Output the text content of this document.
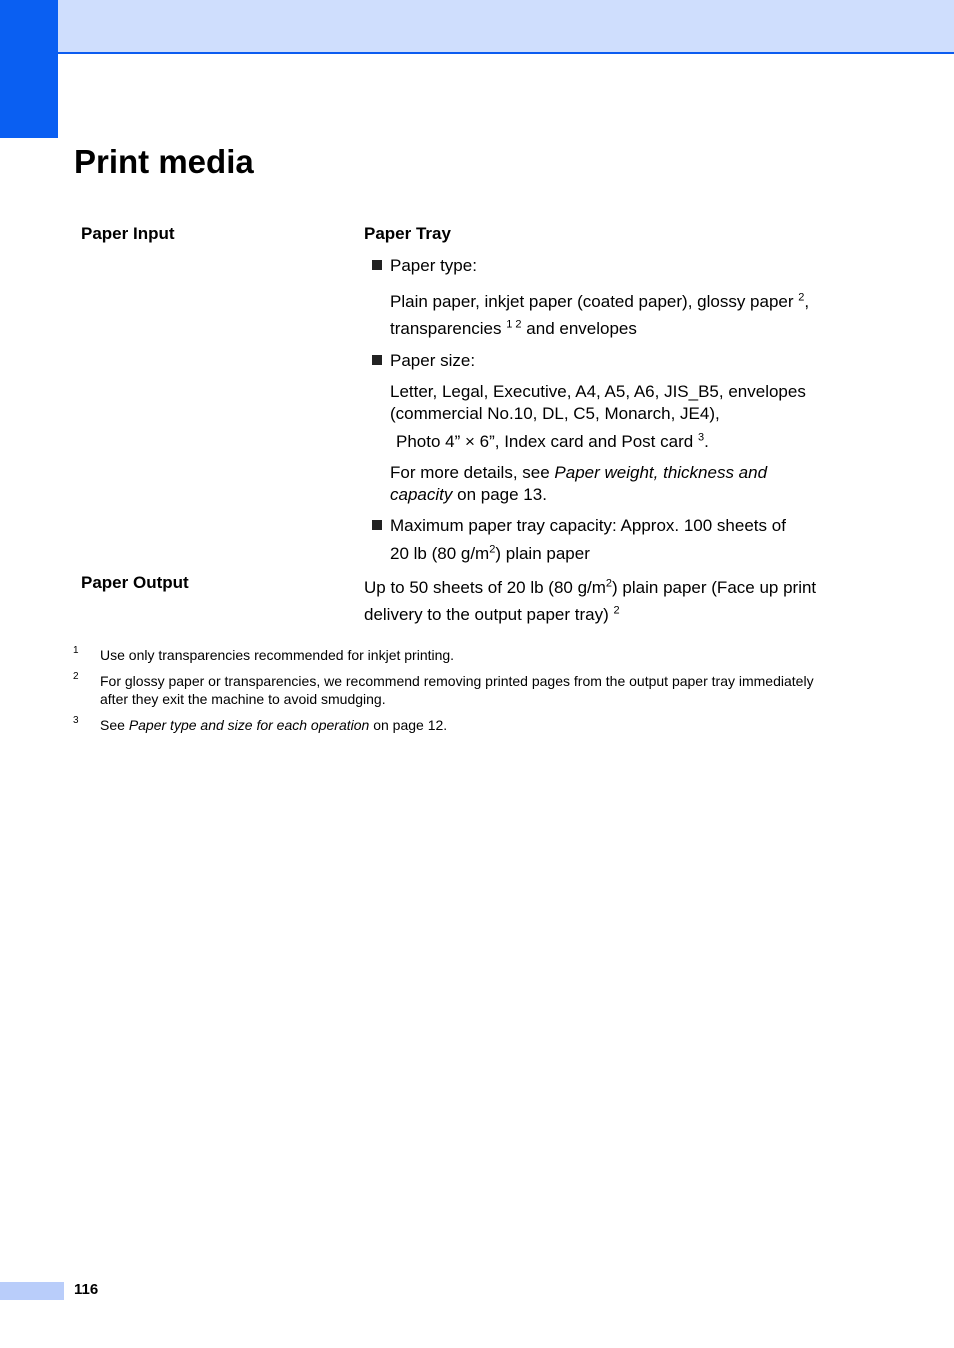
Print media
Paper Input	Paper Tray
Paper type:
Plain paper, inkjet paper (coated paper), glossy paper $^2$,
transparencies $^{1 2}$ and envelopes
Paper size:
Letter, Legal, Executive, A4, A5, A6, JIS_B5, envelopes
(commercial No.10, DL, C5, Monarch, JE4),
Photo 4” × 6”, Index card and Post card $^3$.
For more details, see Paper weight, thickness and
capacity on page 13.
Maximum paper tray capacity: Approx. 100 sheets of
20 lb (80 $g/m^2$) plain paper
Paper Output	Up to 50 sheets of 20 lb (80 $g/m^2$) plain paper (Face up print
delivery to the output paper tray) $^2$
1 Use only transparencies recommended for inkjet printing.
2 For glossy paper or transparencies, we recommend removing printed pages from the output paper tray immediately
after they exit the machine to avoid smudging.
3 See Paper type and size for each operation on page 12.
116
